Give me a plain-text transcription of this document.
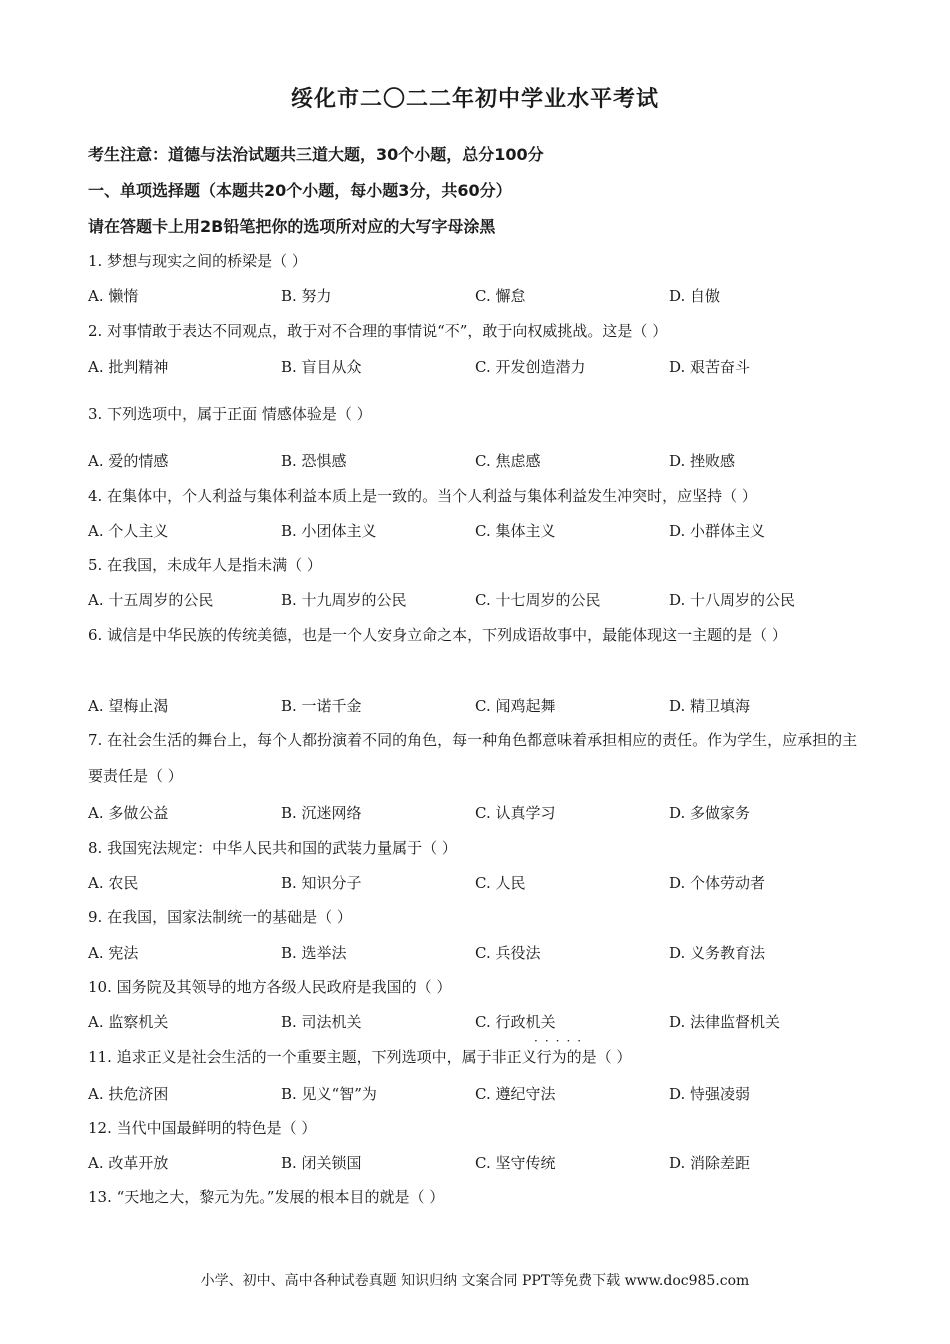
绥化市二〇二二年初中学业水平考试
考生注意：道德与法治试题共三道大题，30个小题，总分100分
一、单项选择题（本题共20个小题，每小题3分，共60分）
请在答题卡上用2B铅笔把你的选项所对应的大写字母涂黑
1. 梦想与现实之间的桥梁是（ ）
A. 懒惰	B. 努力	C. 懈怠	D. 自傲
2. 对事情敢于表达不同观点，敢于对不合理的事情说“不”，敢于向权威挑战。这是（ ）
A. 批判精神	B. 盲目从众	C. 开发创造潜力	D. 艰苦奋斗
3. 下列选项中，属于正面 情感体验是（ ）
A. 爱的情感	B. 恐惧感	C. 焦虑感	D. 挫败感
4. 在集体中，个人利益与集体利益本质上是一致的。当个人利益与集体利益发生冲突时，应坚持（ ）
A. 个人主义	B. 小团体主义	C. 集体主义	D. 小群体主义
5. 在我国，未成年人是指未满（ ）
A. 十五周岁的公民	B. 十九周岁的公民	C. 十七周岁的公民	D. 十八周岁的公民
6. 诚信是中华民族的传统美德，也是一个人安身立命之本，下列成语故事中，最能体现这一主题的是（ ）
A. 望梅止渴	B. 一诺千金	C. 闻鸡起舞	D. 精卫填海
7. 在社会生活的舞台上，每个人都扮演着不同的角色，每一种角色都意味着承担相应的责任。作为学生，应承担的主要责任是（ ）
A. 多做公益	B. 沉迷网络	C. 认真学习	D. 多做家务
8. 我国宪法规定：中华人民共和国的武装力量属于（ ）
A. 农民	B. 知识分子	C. 人民	D. 个体劳动者
9. 在我国，国家法制统一的基础是（ ）
A. 宪法	B. 选举法	C. 兵役法	D. 义务教育法
10. 国务院及其领导的地方各级人民政府是我国的（ ）
A. 监察机关	B. 司法机关	C. 行政机关	D. 法律监督机关
·····
11. 追求正义是社会生活的一个重要主题，下列选项中，属于非正义行为的是（ ）
A. 扶危济困	B. 见义“智”为	C. 遵纪守法	D. 恃强凌弱
12. 当代中国最鲜明的特色是（ ）
A. 改革开放	B. 闭关锁国	C. 坚守传统	D. 消除差距
13. “天地之大，黎元为先。”发展的根本目的就是（ ）
小学、初中、高中各种试卷真题 知识归纳 文案合同 PPT等免费下载 www.doc985.com
